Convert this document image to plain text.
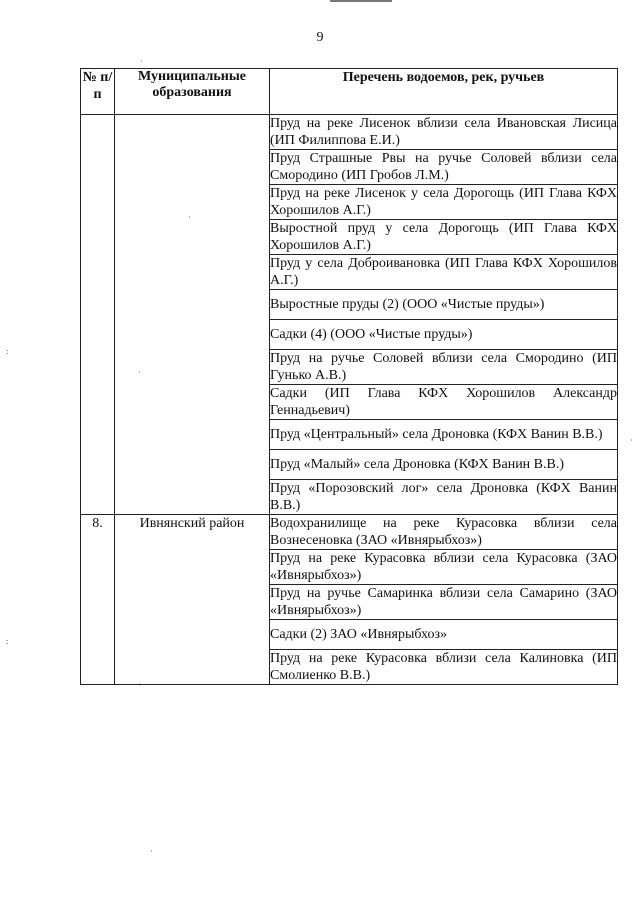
9
·
·
·
·
:
:
·
·
№ п/п	Муниципальные образования	Перечень водоемов, рек, ручьев
		Пруд на реке Лисенок вблизи села Ивановская Лисица (ИП Филиппова Е.И.)
		Пруд Страшные Рвы на ручье Соловей вблизи села Смородино (ИП Гробов Л.М.)
		Пруд на реке Лисенок у села Дорогощь (ИП Глава КФХ Хорошилов А.Г.)
		Выростной пруд у села Дорогощь (ИП Глава КФХ Хорошилов А.Г.)
		Пруд у села Доброивановка (ИП Глава КФХ Хорошилов А.Г.)
		Выростные пруды (2) (ООО «Чистые пруды»)
		Садки (4) (ООО «Чистые пруды»)
		Пруд на ручье Соловей вблизи села Смородино (ИП Гунько А.В.)
		Садки (ИП Глава КФХ Хорошилов Александр Геннадьевич)
		Пруд «Центральный» села Дроновка (КФХ Ванин В.В.)
		Пруд «Малый» села Дроновка (КФХ Ванин В.В.)
		Пруд «Порозовский лог» села Дроновка (КФХ Ванин В.В.)
8.	Ивнянский район	Водохранилище на реке Курасовка вблизи села Вознесеновка (ЗАО «Ивнярыбхоз»)
		Пруд на реке Курасовка вблизи села Курасовка (ЗАО «Ивнярыбхоз»)
		Пруд на ручье Самаринка вблизи села Самарино (ЗАО «Ивнярыбхоз»)
		Садки (2) ЗАО «Ивнярыбхоз»
		Пруд на реке Курасовка вблизи села Калиновка (ИП Смолиенко В.В.)
